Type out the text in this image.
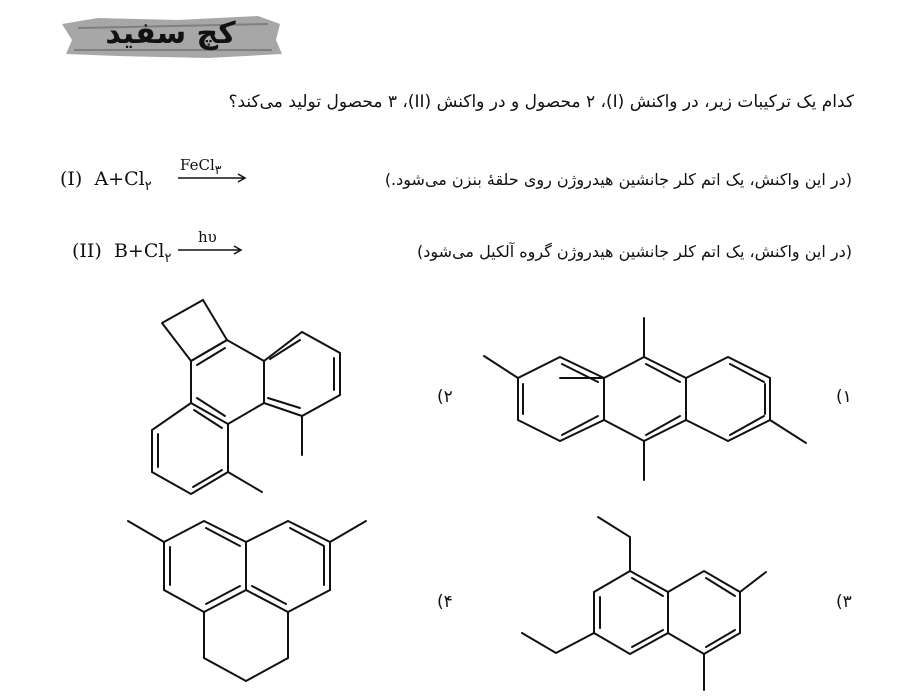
کچ سفید
کدام یک ترکیبات زیر، در واکنش (I)، ۲ محصول و در واکنش (II)، ۳ محصول تولید می‌کند؟
(I) $A+Cl_۲$
FeCl$_۳$
(در این واکنش، یک اتم کلر جانشین هیدروژن روی حلقهٔ بنزن می‌شود.)
(II) $B+Cl_۲$
hυ
(در این واکنش، یک اتم کلر جانشین هیدروژن گروه آلکیل می‌شود)
۱)
۲)
۳)
۴)
